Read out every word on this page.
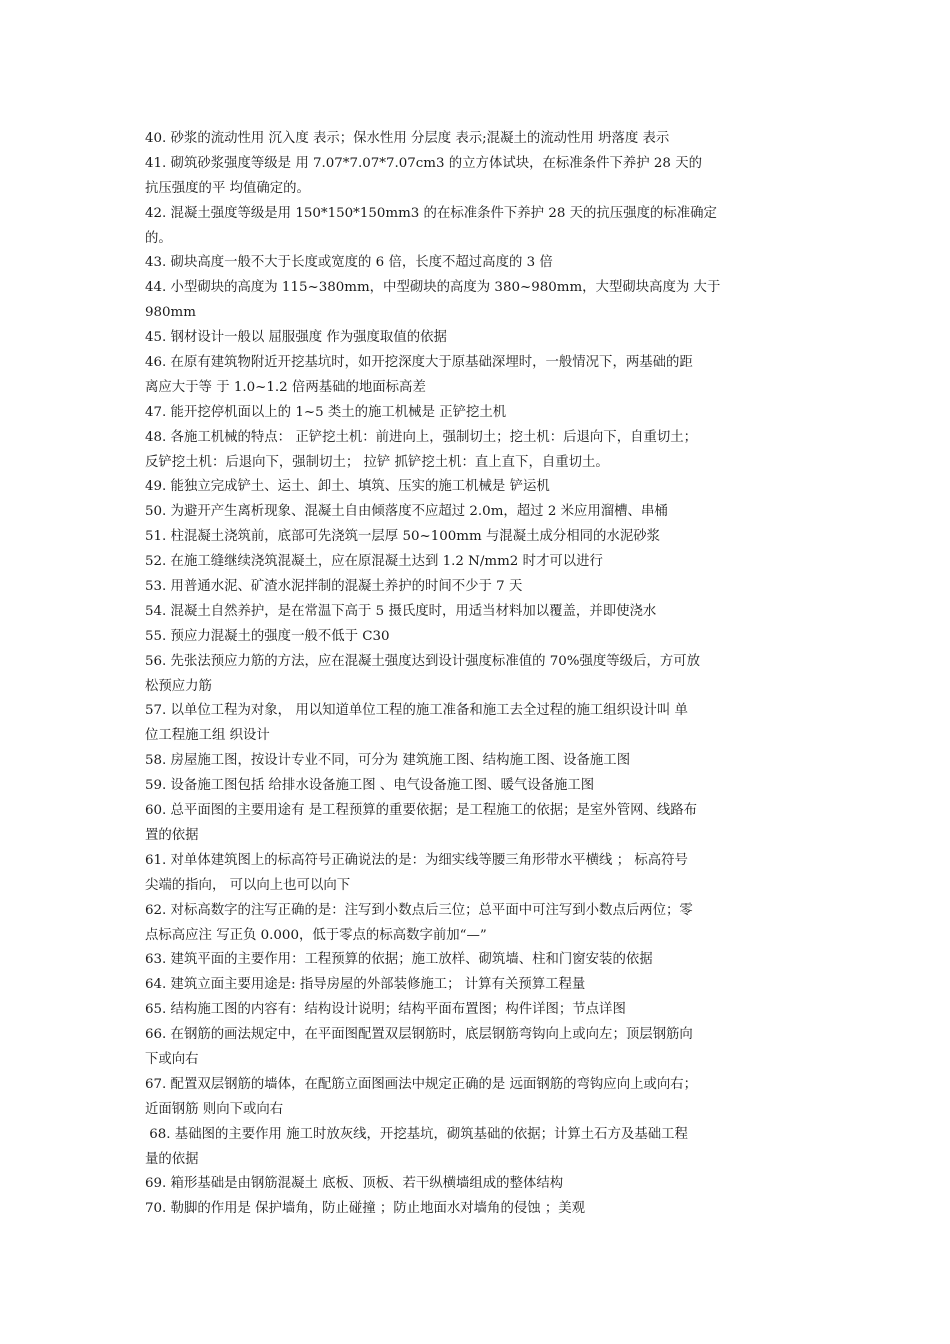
40. 砂浆的流动性用 沉入度 表示；保水性用 分层度 表示;混凝土的流动性用 坍落度 表示
41. 砌筑砂浆强度等级是 用 7.07*7.07*7.07cm3 的立方体试块，在标准条件下养护 28 天的
抗压强度的平 均值确定的。
42. 混凝土强度等级是用 150*150*150mm3 的在标准条件下养护 28 天的抗压强度的标准确定
的。
43. 砌块高度一般不大于长度或宽度的 6 倍，长度不超过高度的 3 倍
44. 小型砌块的高度为 115~380mm，中型砌块的高度为 380~980mm，大型砌块高度为 大于
980mm
45. 钢材设计一般以 屈服强度 作为强度取值的依据
46. 在原有建筑物附近开挖基坑时，如开挖深度大于原基础深埋时，一般情况下，两基础的距
离应大于等 于 1.0~1.2 倍两基础的地面标高差
47. 能开挖停机面以上的 1~5 类土的施工机械是 正铲挖土机
48. 各施工机械的特点： 正铲挖土机：前进向上，强制切土；挖土机：后退向下，自重切土；
反铲挖土机：后退向下，强制切土； 拉铲 抓铲挖土机：直上直下，自重切土。
49. 能独立完成铲土、运土、卸土、填筑、压实的施工机械是 铲运机
50. 为避开产生离析现象、混凝土自由倾落度不应超过 2.0m，超过 2 米应用溜槽、串桶
51. 柱混凝土浇筑前，底部可先浇筑一层厚 50~100mm 与混凝土成分相同的水泥砂浆
52. 在施工缝继续浇筑混凝土，应在原混凝土达到 1.2 N/mm2 时才可以进行
53. 用普通水泥、矿渣水泥拌制的混凝土养护的时间不少于 7 天
54. 混凝土自然养护，是在常温下高于 5 摄氏度时，用适当材料加以覆盖，并即使浇水
55. 预应力混凝土的强度一般不低于 C30
56. 先张法预应力筋的方法，应在混凝土强度达到设计强度标准值的 70%强度等级后，方可放
松预应力筋
57. 以单位工程为对象， 用以知道单位工程的施工准备和施工去全过程的施工组织设计叫 单
位工程施工组 织设计
58. 房屋施工图，按设计专业不同，可分为 建筑施工图、结构施工图、设备施工图
59. 设备施工图包括 给排水设备施工图 、电气设备施工图、暖气设备施工图
60. 总平面图的主要用途有 是工程预算的重要依据；是工程施工的依据；是室外管网、线路布
置的依据
61. 对单体建筑图上的标高符号正确说法的是：为细实线等腰三角形带水平横线 ； 标高符号
尖端的指向， 可以向上也可以向下
62. 对标高数字的注写正确的是：注写到小数点后三位；总平面中可注写到小数点后两位；零
点标高应注 写正负 0.000，低于零点的标高数字前加“—”
63. 建筑平面的主要作用：工程预算的依据；施工放样、砌筑墙、柱和门窗安装的依据
64. 建筑立面主要用途是: 指导房屋的外部装修施工； 计算有关预算工程量
65. 结构施工图的内容有：结构设计说明；结构平面布置图；构件详图；节点详图
66. 在钢筋的画法规定中，在平面图配置双层钢筋时，底层钢筋弯钩向上或向左；顶层钢筋向
下或向右
67. 配置双层钢筋的墙体，在配筋立面图画法中规定正确的是 远面钢筋的弯钩应向上或向右；
近面钢筋 则向下或向右
68. 基础图的主要作用 施工时放灰线，开挖基坑，砌筑基础的依据；计算土石方及基础工程
量的依据
69. 箱形基础是由钢筋混凝土 底板、顶板、若干纵横墙组成的整体结构
70. 勒脚的作用是 保护墙角，防止碰撞 ；防止地面水对墙角的侵蚀 ；美观
